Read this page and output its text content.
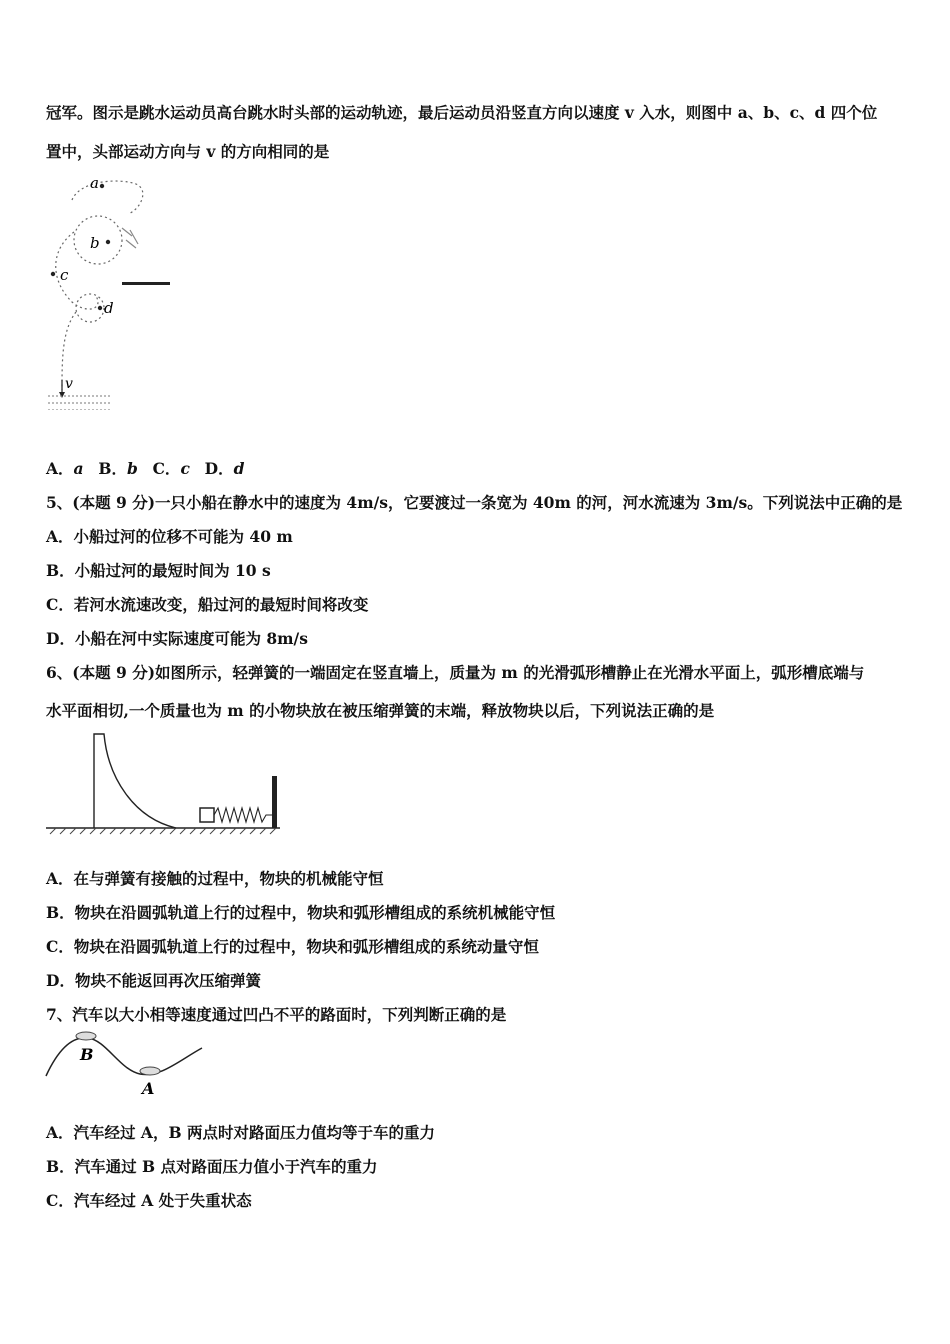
冠军。图示是跳水运动员高台跳水时头部的运动轨迹，最后运动员沿竖直方向以速度 v 入水，则图中 a、b、c、d 四个位
置中，头部运动方向与 v 的方向相同的是
a
b
c
d
v
A．a B．b C．c D．d
5、(本题 9 分)一只小船在静水中的速度为 4m/s，它要渡过一条宽为 40m 的河，河水流速为 3m/s。下列说法中正确的是
A．小船过河的位移不可能为 40 m
B．小船过河的最短时间为 10 s
C．若河水流速改变，船过河的最短时间将改变
D．小船在河中实际速度可能为 8m/s
6、(本题 9 分)如图所示，轻弹簧的一端固定在竖直墙上，质量为 m 的光滑弧形槽静止在光滑水平面上，弧形槽底端与
水平面相切,一个质量也为 m 的小物块放在被压缩弹簧的末端，释放物块以后，下列说法正确的是
A．在与弹簧有接触的过程中，物块的机械能守恒
B．物块在沿圆弧轨道上行的过程中，物块和弧形槽组成的系统机械能守恒
C．物块在沿圆弧轨道上行的过程中，物块和弧形槽组成的系统动量守恒
D．物块不能返回再次压缩弹簧
7、汽车以大小相等速度通过凹凸不平的路面时，下列判断正确的是
B
A
A．汽车经过 A，B 两点时对路面压力值均等于车的重力
B．汽车通过 B 点对路面压力值小于汽车的重力
C．汽车经过 A 处于失重状态
